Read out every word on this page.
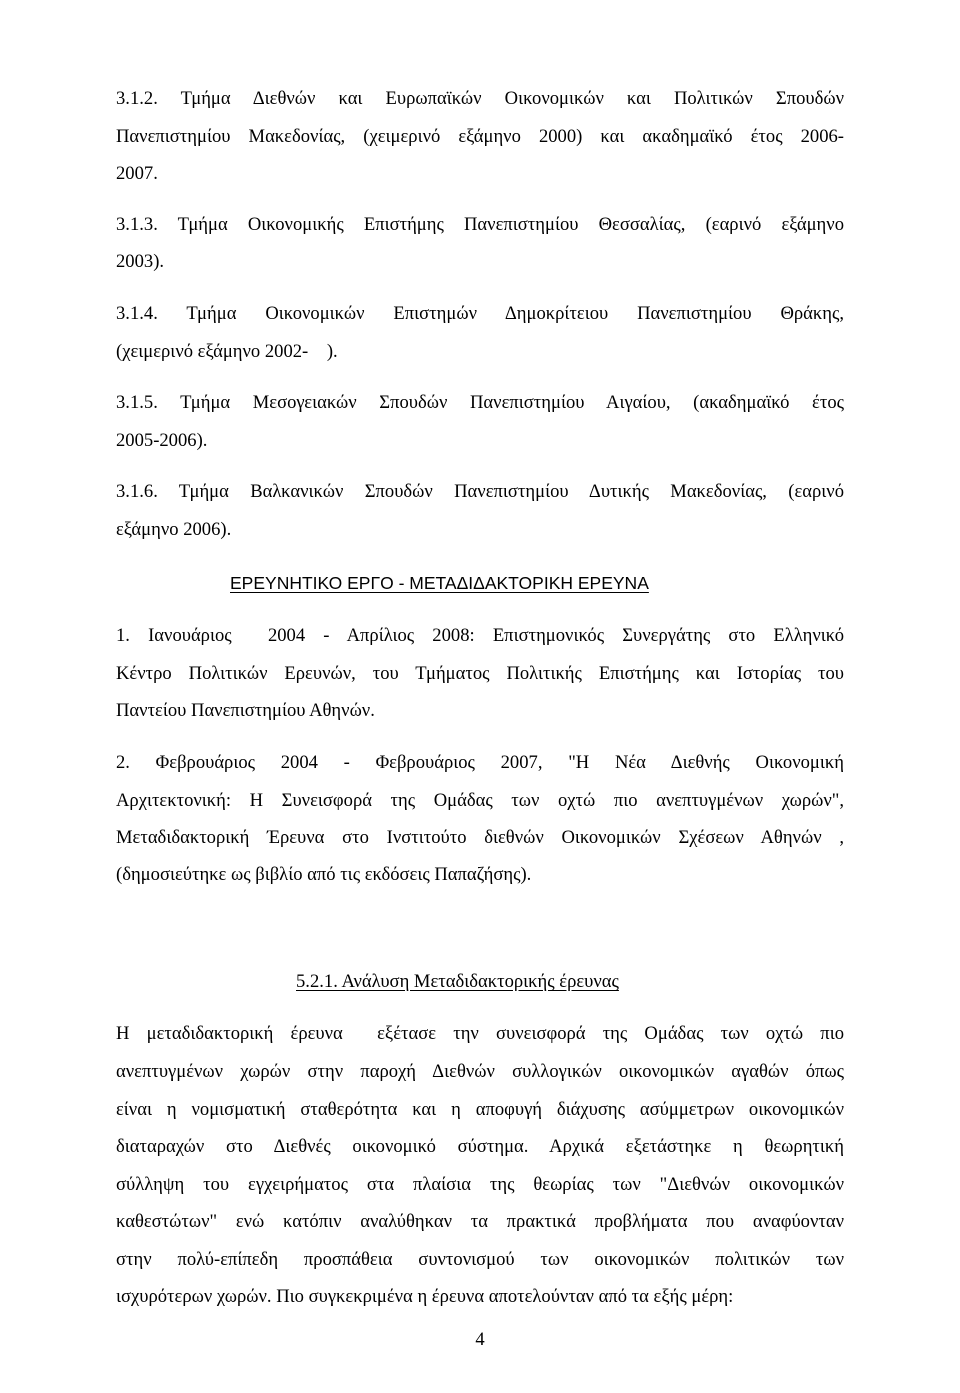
3.1.2. Τμήμα Διεθνών και Ευρωπαϊκών Οικονομικών και Πολιτικών Σπουδών
Πανεπιστημίου Μακεδονίας, (χειμερινό εξάμηνο 2000) και ακαδημαϊκό έτος 2006-
2007.
3.1.3. Τμήμα Οικονομικής Επιστήμης Πανεπιστημίου Θεσσαλίας, (εαρινό εξάμηνο
2003).
3.1.4. Τμήμα Οικονομικών Επιστημών Δημοκρίτειου Πανεπιστημίου Θράκης,
(χειμερινό εξάμηνο 2002-    ).
3.1.5. Τμήμα Μεσογειακών Σπουδών Πανεπιστημίου Αιγαίου, (ακαδημαϊκό έτος
2005-2006).
3.1.6. Τμήμα Βαλκανικών Σπουδών Πανεπιστημίου Δυτικής Μακεδονίας, (εαρινό
εξάμηνο 2006).
ΕΡΕΥΝΗΤΙΚΟ ΕΡΓΟ - ΜΕΤΑΔΙΔΑΚΤΟΡΙΚΗ ΕΡΕΥΝΑ
1. Ιανουάριος  2004 - Απρίλιος 2008: Επιστημονικός Συνεργάτης στο Ελληνικό
Κέντρο Πολιτικών Ερευνών, του Τμήματος Πολιτικής Επιστήμης και Ιστορίας του
Παντείου Πανεπιστημίου Αθηνών.
2. Φεβρουάριος 2004 - Φεβρουάριος 2007, "Η Νέα Διεθνής Οικονομική
Αρχιτεκτονική: Η Συνεισφορά της Ομάδας των οχτώ πιο ανεπτυγμένων χωρών",
Μεταδιδακτορική Έρευνα στο Ινστιτούτο διεθνών Οικονομικών Σχέσεων Αθηνών ,
(δημοσιεύτηκε ως βιβλίο από τις εκδόσεις Παπαζήσης).
5.2.1. Ανάλυση Μεταδιδακτορικής έρευνας
Η μεταδιδακτορική έρευνα  εξέτασε την συνεισφορά της Ομάδας των οχτώ πιο
ανεπτυγμένων χωρών στην παροχή Διεθνών συλλογικών οικονομικών αγαθών όπως
είναι η νομισματική σταθερότητα και η αποφυγή διάχυσης ασύμμετρων οικονομικών
διαταραχών στο Διεθνές οικονομικό σύστημα. Αρχικά εξετάστηκε η θεωρητική
σύλληψη του εγχειρήματος στα πλαίσια της θεωρίας των "Διεθνών οικονομικών
καθεστώτων" ενώ κατόπιν αναλύθηκαν τα πρακτικά προβλήματα που αναφύονταν
στην πολύ-επίπεδη προσπάθεια συντονισμού των οικονομικών πολιτικών των
ισχυρότερων χωρών. Πιο συγκεκριμένα η έρευνα αποτελούνταν από τα εξής μέρη:
4
